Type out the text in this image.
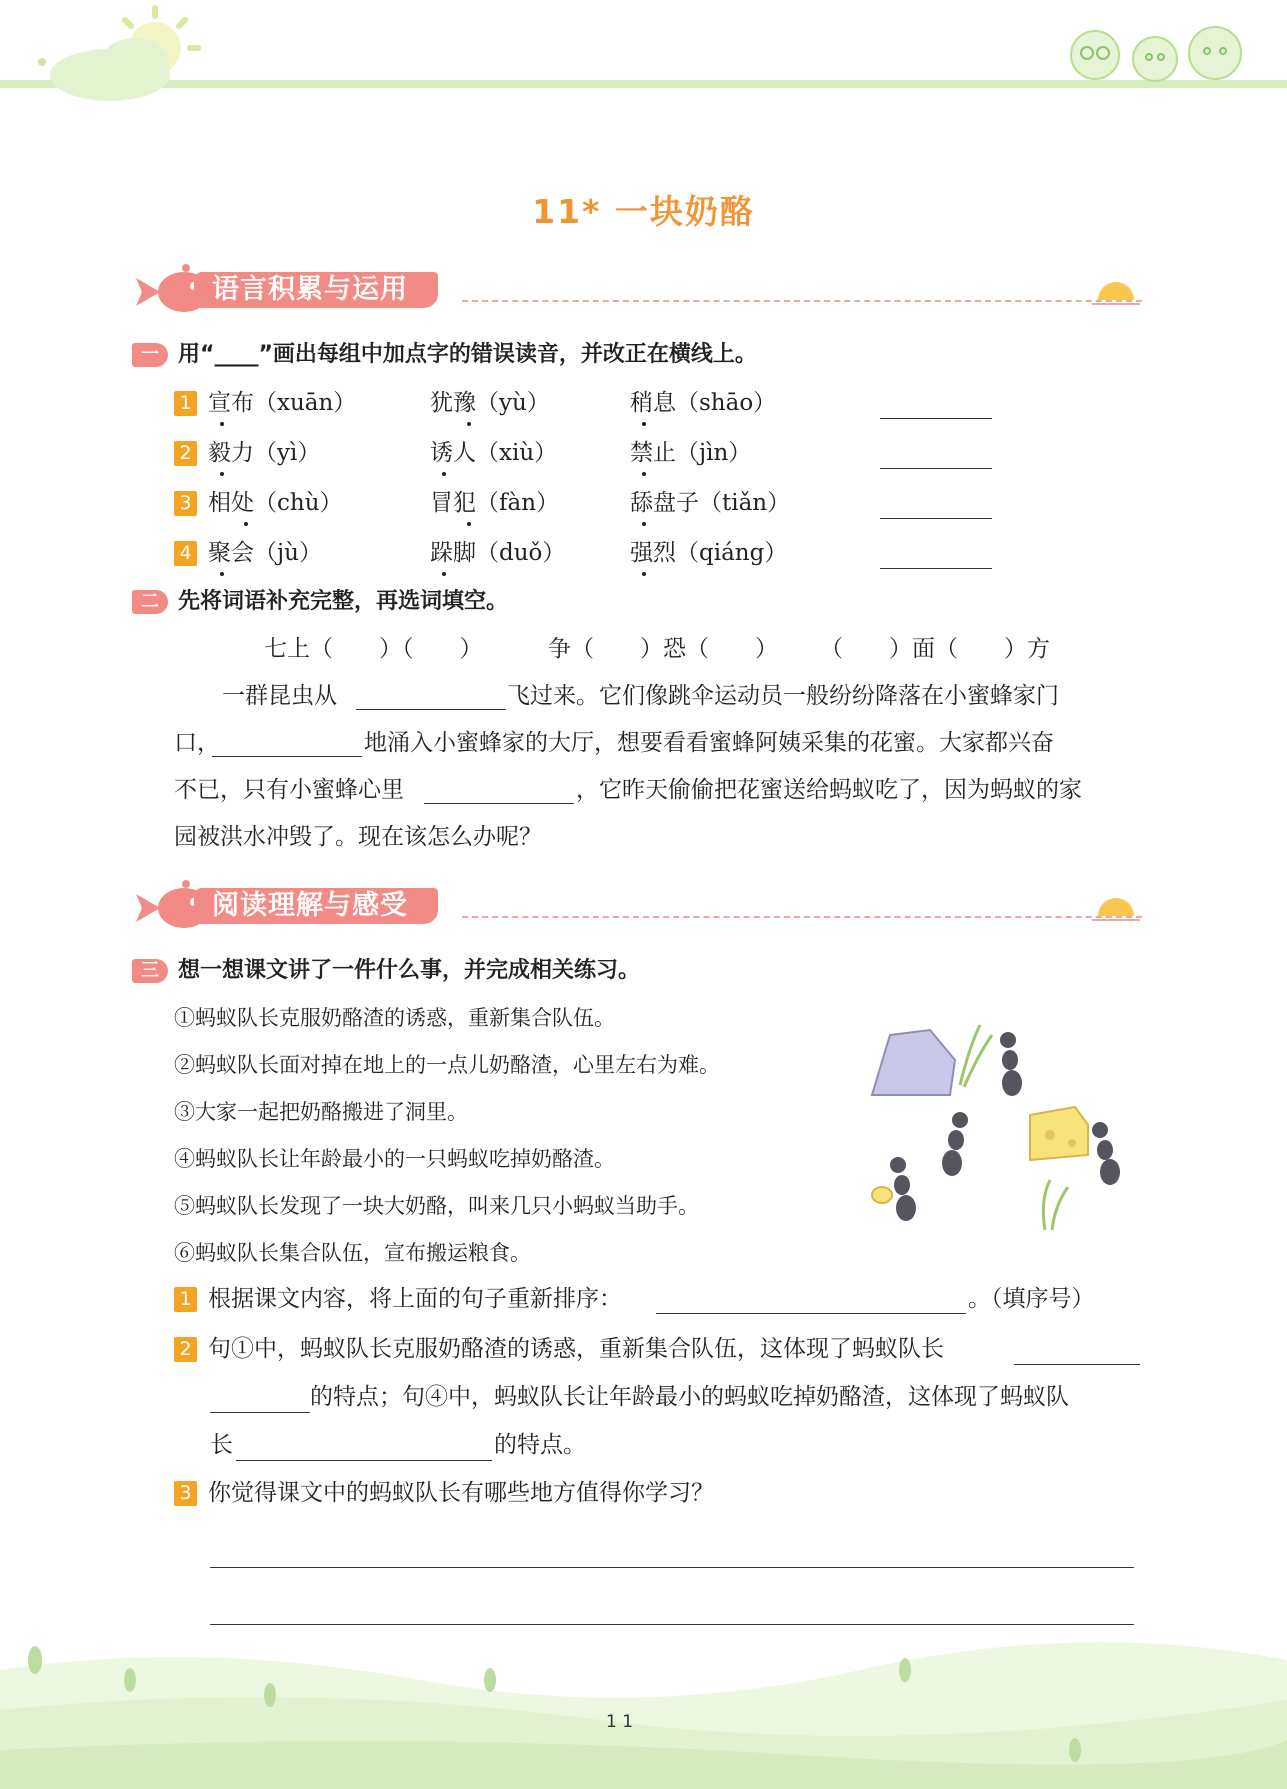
11* 一块奶酪
语言积累与运用
一 用“____”画出每组中加点字的错误读音，并改正在横线上。
1 宣布（xuān）	犹豫（yù）	稍息（shāo）
2 毅力（yì）	诱人（xiù）	禁止（jìn）
3 相处（chù）	冒犯（fàn）	舔盘子（tiǎn）
4 聚会（jù）	跺脚（duǒ）	强烈（qiáng）
二 先将词语补充完整，再选词填空。
七上（　　）（　　）	争（　　）恐（　　） （　　）面（　　）方
一群昆虫从	飞过来。它们像跳伞运动员一般纷纷降落在小蜜蜂家门
口，	地涌入小蜜蜂家的大厅，想要看看蜜蜂阿姨采集的花蜜。大家都兴奋
不已，只有小蜜蜂心里	，它昨天偷偷把花蜜送给蚂蚁吃了，因为蚂蚁的家
园被洪水冲毁了。现在该怎么办呢？
阅读理解与感受
三 想一想课文讲了一件什么事，并完成相关练习。
①蚂蚁队长克服奶酪渣的诱惑，重新集合队伍。
②蚂蚁队长面对掉在地上的一点儿奶酪渣，心里左右为难。
③大家一起把奶酪搬进了洞里。
④蚂蚁队长让年龄最小的一只蚂蚁吃掉奶酪渣。
⑤蚂蚁队长发现了一块大奶酪，叫来几只小蚂蚁当助手。
⑥蚂蚁队长集合队伍，宣布搬运粮食。
1 根据课文内容，将上面的句子重新排序：	。（填序号）
2 句①中，蚂蚁队长克服奶酪渣的诱惑，重新集合队伍，这体现了蚂蚁队长
的特点；句④中，蚂蚁队长让年龄最小的蚂蚁吃掉奶酪渣，这体现了蚂蚁队
长	的特点。
3 你觉得课文中的蚂蚁队长有哪些地方值得你学习？
1 1
